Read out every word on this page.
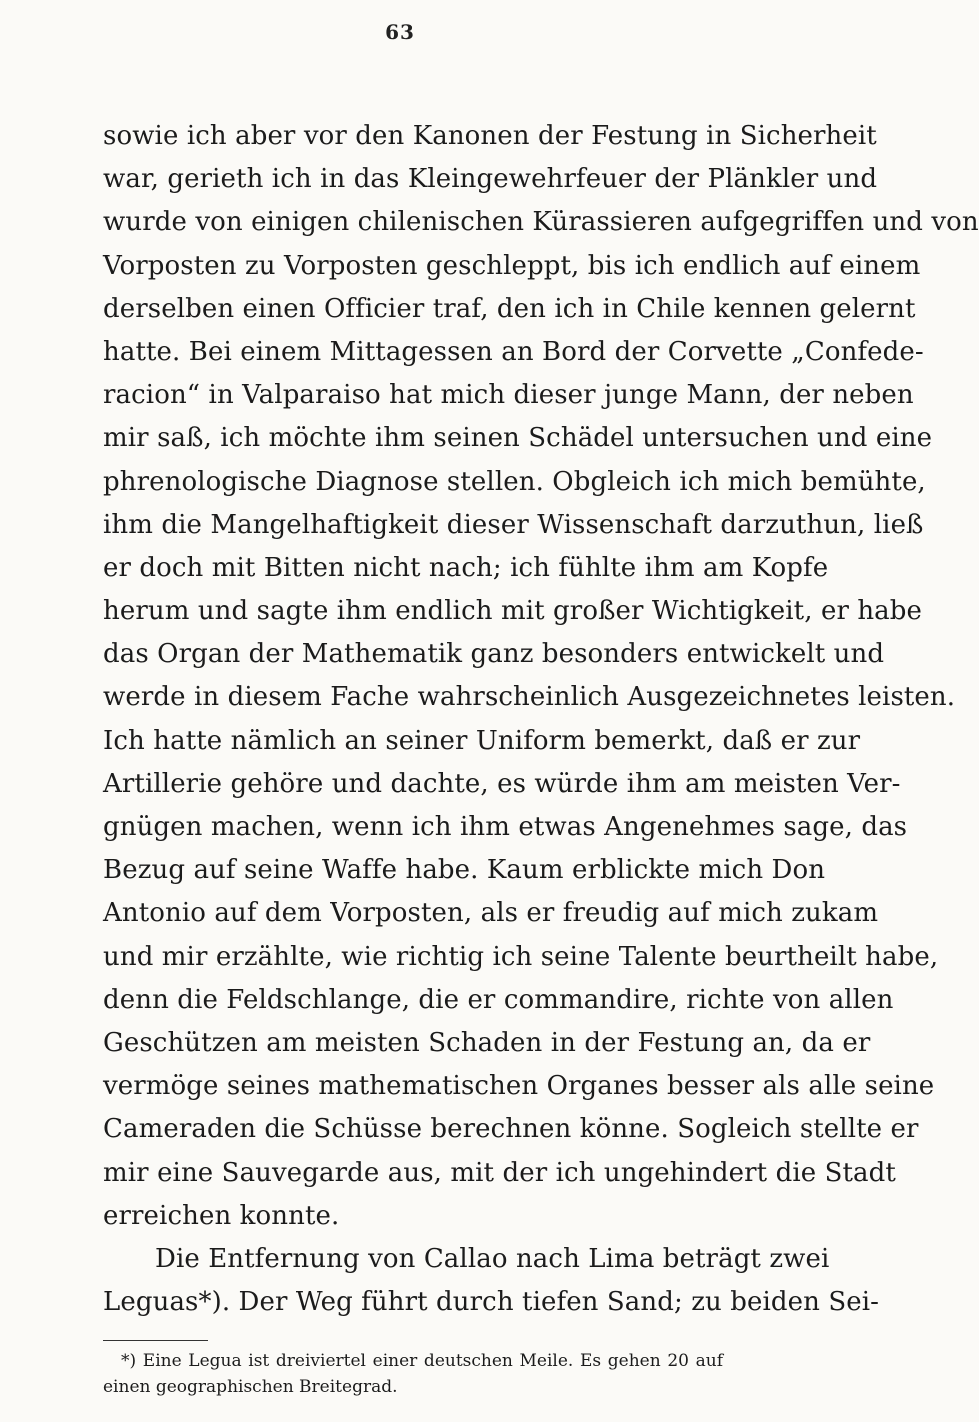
63
sowie ich aber vor den Kanonen der Festung in Sicherheit
war, gerieth ich in das Kleingewehrfeuer der Plänkler und
wurde von einigen chilenischen Kürassieren aufgegriffen und von
Vorposten zu Vorposten geschleppt, bis ich endlich auf einem
derselben einen Officier traf, den ich in Chile kennen gelernt
hatte. Bei einem Mittagessen an Bord der Corvette „Confede-
racion“ in Valparaiso hat mich dieser junge Mann, der neben
mir saß, ich möchte ihm seinen Schädel untersuchen und eine
phrenologische Diagnose stellen. Obgleich ich mich bemühte,
ihm die Mangelhaftigkeit dieser Wissenschaft darzuthun, ließ
er doch mit Bitten nicht nach; ich fühlte ihm am Kopfe
herum und sagte ihm endlich mit großer Wichtigkeit, er habe
das Organ der Mathematik ganz besonders entwickelt und
werde in diesem Fache wahrscheinlich Ausgezeichnetes leisten.
Ich hatte nämlich an seiner Uniform bemerkt, daß er zur
Artillerie gehöre und dachte, es würde ihm am meisten Ver-
gnügen machen, wenn ich ihm etwas Angenehmes sage, das
Bezug auf seine Waffe habe. Kaum erblickte mich Don
Antonio auf dem Vorposten, als er freudig auf mich zukam
und mir erzählte, wie richtig ich seine Talente beurtheilt habe,
denn die Feldschlange, die er commandire, richte von allen
Geschützen am meisten Schaden in der Festung an, da er
vermöge seines mathematischen Organes besser als alle seine
Cameraden die Schüsse berechnen könne. Sogleich stellte er
mir eine Sauvegarde aus, mit der ich ungehindert die Stadt
erreichen konnte.
Die Entfernung von Callao nach Lima beträgt zwei
Leguas*). Der Weg führt durch tiefen Sand; zu beiden Sei-
*) Eine Legua ist dreiviertel einer deutschen Meile. Es gehen 20 auf
einen geographischen Breitegrad.
